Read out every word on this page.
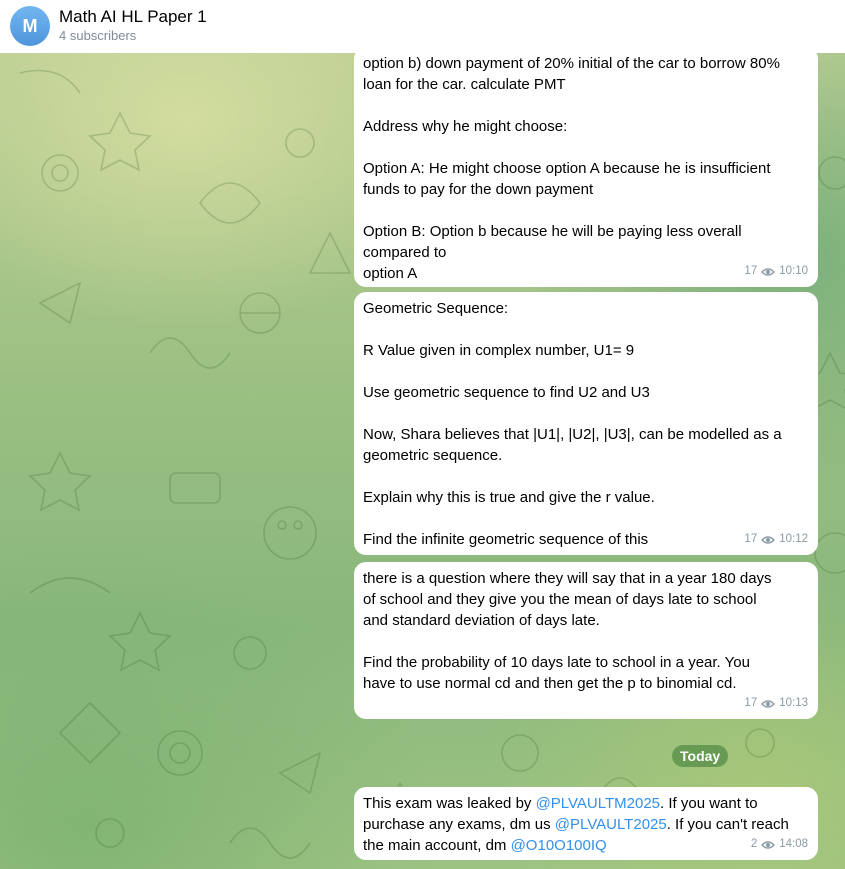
M	Math AI HL Paper 1
4 subscribers

option b) down payment of 20% initial of the car to borrow 80%
loan for the car. calculate PMT

Address why he might choose:

Option A: He might choose option A because he is insufficient
funds to pay for the down payment

Option B: Option b because he will be paying less overall
compared to
option A	17 10:10

Geometric Sequence:

R Value given in complex number, U1= 9

Use geometric sequence to find U2 and U3

Now, Shara believes that |U1|, |U2|, |U3|, can be modelled as a
geometric sequence.

Explain why this is true and give the r value.

Find the infinite geometric sequence of this	17 10:12

there is a question where they will say that in a year 180 days
of school and they give you the mean of days late to school
and standard deviation of days late.

Find the probability of 10 days late to school in a year. You
have to use normal cd and then get the p to binomial cd.

17 10:13
Today

This exam was leaked by @PLVAULTM2025. If you want to
purchase any exams, dm us @PLVAULT2025. If you can't reach
the main account, dm @O10O100IQ	2 14:08
